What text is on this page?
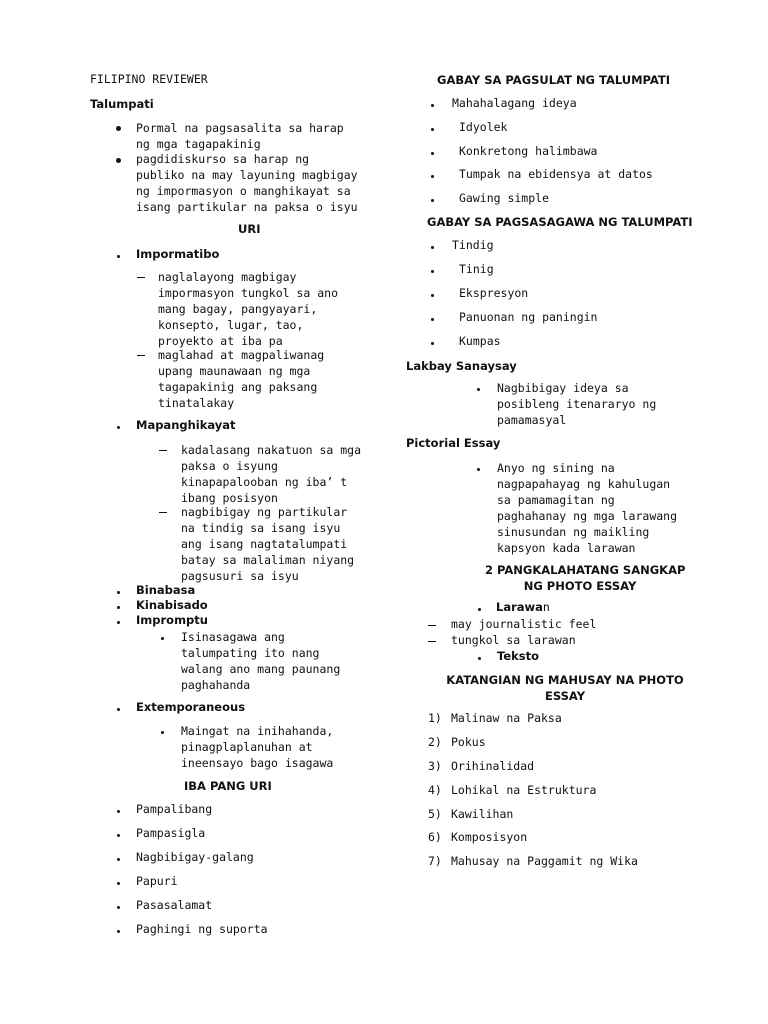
FILIPINO REVIEWER
Talumpati
Pormal na pagsasalita sa harap
ng mga tagapakinig
pagdidiskurso sa harap ng
publiko na may layuning magbigay
ng impormasyon o manghikayat sa
isang partikular na paksa o isyu
URI
Impormatibo
naglalayong magbigay
impormasyon tungkol sa ano
mang bagay, pangyayari,
konsepto, lugar, tao,
proyekto at iba pa
maglahad at magpaliwanag
upang maunawaan ng mga
tagapakinig ang paksang
tinatalakay
Mapanghikayat
kadalasang nakatuon sa mga
paksa o isyung
kinapapalooban ng iba’ t
ibang posisyon
nagbibigay ng partikular
na tindig sa isang isyu
ang isang nagtatalumpati
batay sa malaliman niyang
pagsusuri sa isyu
Binabasa
Kinabisado
Impromptu
Isinasagawa ang
talumpating ito nang
walang ano mang paunang
paghahanda
Extemporaneous
Maingat na inihahanda,
pinagplaplanuhan at
ineensayo bago isagawa
IBA PANG URI
Pampalibang
Pampasigla
Nagbibigay-galang
Papuri
Pasasalamat
Paghingi ng suporta
GABAY SA PAGSULAT NG TALUMPATI
Mahahalagang ideya
Idyolek
Konkretong halimbawa
Tumpak na ebidensya at datos
Gawing simple
GABAY SA PAGSASAGAWA NG TALUMPATI
Tindig
Tinig
Ekspresyon
Panuonan ng paningin
Kumpas
Lakbay Sanaysay
Nagbibigay ideya sa
posibleng itenararyo ng
pamamasyal
Pictorial Essay
Anyo ng sining na
nagpapahayag ng kahulugan
sa pamamagitan ng
paghahanay ng mga larawang
sinusundan ng maikling
kapsyon kada larawan
2 PANGKALAHATANG SANGKAP
NG PHOTO ESSAY
Larawan
may journalistic feel
tungkol sa larawan
Teksto
KATANGIAN NG MAHUSAY NA PHOTO
ESSAY
1) Malinaw na Paksa
2) Pokus
3) Orihinalidad
4) Lohikal na Estruktura
5) Kawilihan
6) Komposisyon
7) Mahusay na Paggamit ng Wika
